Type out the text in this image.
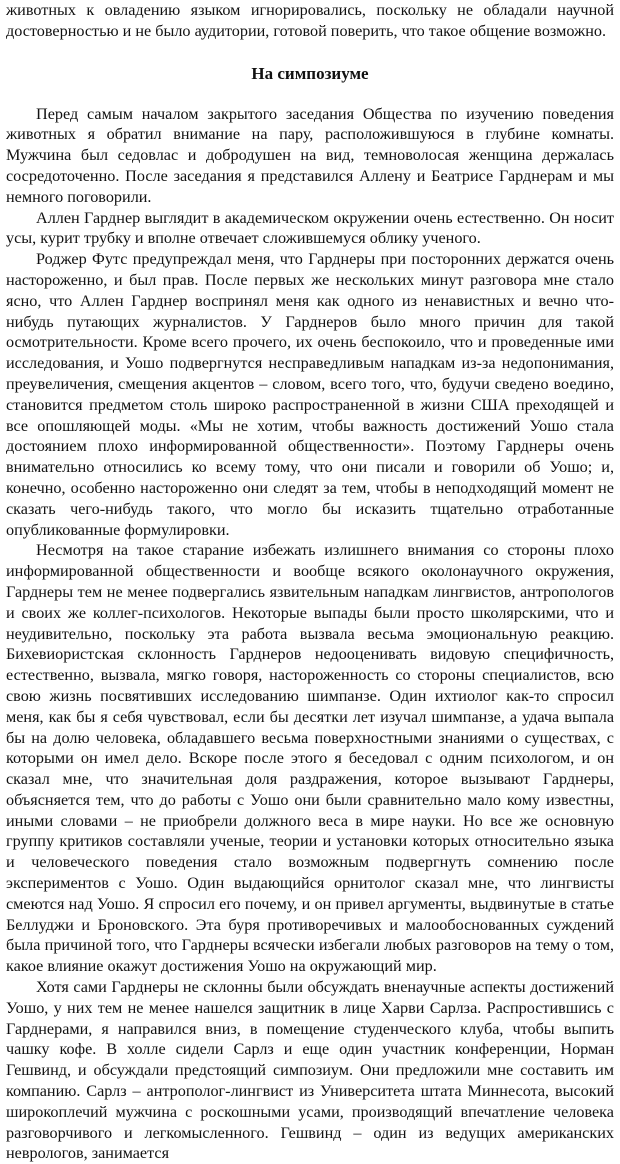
животных к овладению языком игнорировались, поскольку не обладали научной достоверностью и не было аудитории, готовой поверить, что такое общение возможно.

На симпозиуме

Перед самым началом закрытого заседания Общества по изучению поведения животных я обратил внимание на пару, расположившуюся в глубине комнаты. Мужчина был седовлас и добродушен на вид, темноволосая женщина держалась сосредоточенно. После заседания я представился Аллену и Беатрисе Гарднерам и мы немного поговорили.

Аллен Гарднер выглядит в академическом окружении очень естественно. Он носит усы, курит трубку и вполне отвечает сложившемуся облику ученого.

Роджер Футс предупреждал меня, что Гарднеры при посторонних держатся очень настороженно, и был прав. После первых же нескольких минут разговора мне стало ясно, что Аллен Гарднер воспринял меня как одного из ненавистных и вечно что-нибудь путающих журналистов. У Гарднеров было много причин для такой осмотрительности. Кроме всего прочего, их очень беспокоило, что и проведенные ими исследования, и Уошо подвергнутся несправедливым нападкам из-за недопонимания, преувеличения, смещения акцентов – словом, всего того, что, будучи сведено воедино, становится предметом столь широко распространенной в жизни США преходящей и все опошляющей моды. «Мы не хотим, чтобы важность достижений Уошо стала достоянием плохо информированной общественности». Поэтому Гарднеры очень внимательно относились ко всему тому, что они писали и говорили об Уошо; и, конечно, особенно настороженно они следят за тем, чтобы в неподходящий момент не сказать чего-нибудь такого, что могло бы исказить тщательно отработанные опубликованные формулировки.

Несмотря на такое старание избежать излишнего внимания со стороны плохо информированной общественности и вообще всякого околонаучного окружения, Гарднеры тем не менее подвергались язвительным нападкам лингвистов, антропологов и своих же коллег-психологов. Некоторые выпады были просто школярскими, что и неудивительно, поскольку эта работа вызвала весьма эмоциональную реакцию. Бихевиористская склонность Гарднеров недооценивать видовую специфичность, естественно, вызвала, мягко говоря, настороженность со стороны специалистов, всю свою жизнь посвятивших исследованию шимпанзе. Один ихтиолог как-то спросил меня, как бы я себя чувствовал, если бы десятки лет изучал шимпанзе, а удача выпала бы на долю человека, обладавшего весьма поверхностными знаниями о существах, с которыми он имел дело. Вскоре после этого я беседовал с одним психологом, и он сказал мне, что значительная доля раздражения, которое вызывают Гарднеры, объясняется тем, что до работы с Уошо они были сравнительно мало кому известны, иными словами – не приобрели должного веса в мире науки. Но все же основную группу критиков составляли ученые, теории и установки которых относительно языка и человеческого поведения стало возможным подвергнуть сомнению после экспериментов с Уошо. Один выдающийся орнитолог сказал мне, что лингвисты смеются над Уошо. Я спросил его почему, и он привел аргументы, выдвинутые в статье Беллуджи и Броновского. Эта буря противоречивых и малообоснованных суждений была причиной того, что Гарднеры всячески избегали любых разговоров на тему о том, какое влияние окажут достижения Уошо на окружающий мир.

Хотя сами Гарднеры не склонны были обсуждать вненаучные аспекты достижений Уошо, у них тем не менее нашелся защитник в лице Харви Сарлза. Распростившись с Гарднерами, я направился вниз, в помещение студенческого клуба, чтобы выпить чашку кофе. В холле сидели Сарлз и еще один участник конференции, Норман Гешвинд, и обсуждали предстоящий симпозиум. Они предложили мне составить им компанию. Сарлз – антрополог-лингвист из Университета штата Миннесота, высокий широкоплечий мужчина с роскошными усами, производящий впечатление человека разговорчивого и легкомысленного. Гешвинд – один из ведущих американских неврологов, занимается
